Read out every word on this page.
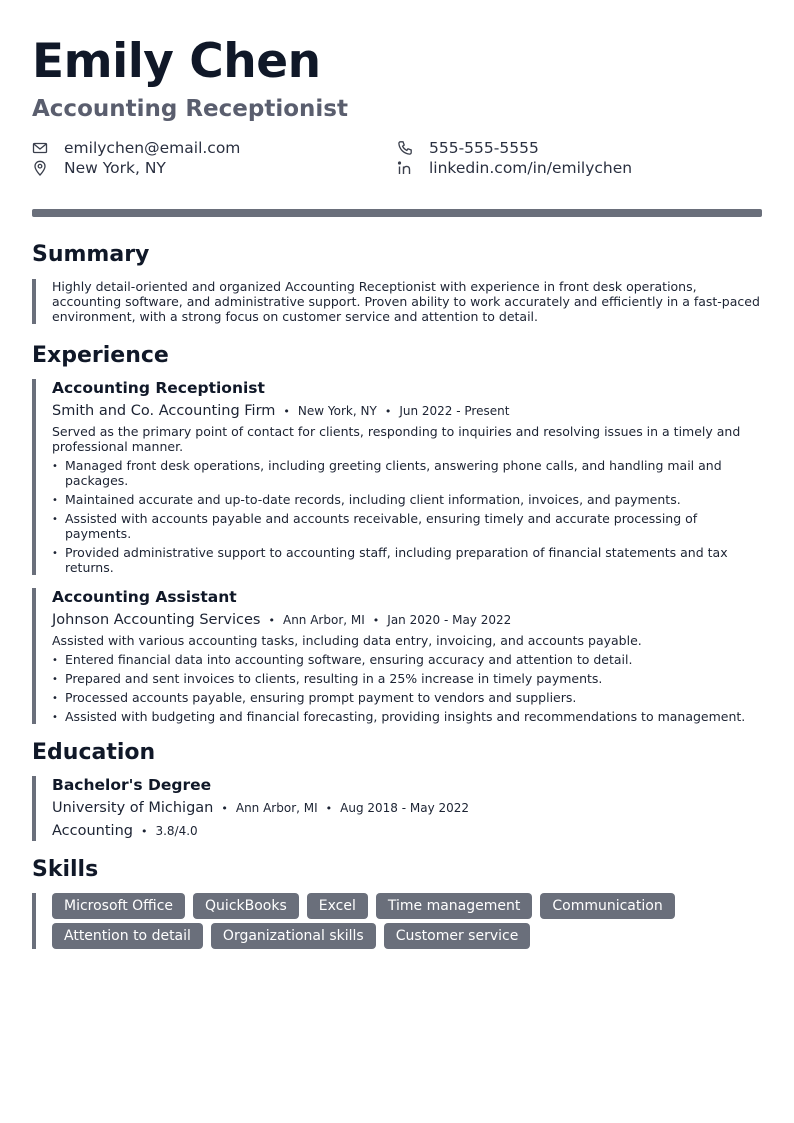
Emily Chen
Accounting Receptionist
emilychen@email.com	555-555-5555
New York, NY	linkedin.com/in/emilychen
Summary
Highly detail-oriented and organized Accounting Receptionist with experience in front desk operations, accounting software, and administrative support. Proven ability to work accurately and efficiently in a fast-paced environment, with a strong focus on customer service and attention to detail.
Experience
Accounting Receptionist
Smith and Co. Accounting Firm • New York, NY • Jun 2022 - Present
Served as the primary point of contact for clients, responding to inquiries and resolving issues in a timely and professional manner.
• Managed front desk operations, including greeting clients, answering phone calls, and handling mail and packages.
• Maintained accurate and up-to-date records, including client information, invoices, and payments.
• Assisted with accounts payable and accounts receivable, ensuring timely and accurate processing of payments.
• Provided administrative support to accounting staff, including preparation of financial statements and tax returns.
Accounting Assistant
Johnson Accounting Services • Ann Arbor, MI • Jan 2020 - May 2022
Assisted with various accounting tasks, including data entry, invoicing, and accounts payable.
• Entered financial data into accounting software, ensuring accuracy and attention to detail.
• Prepared and sent invoices to clients, resulting in a 25% increase in timely payments.
• Processed accounts payable, ensuring prompt payment to vendors and suppliers.
• Assisted with budgeting and financial forecasting, providing insights and recommendations to management.
Education
Bachelor's Degree
University of Michigan • Ann Arbor, MI • Aug 2018 - May 2022
Accounting • 3.8/4.0
Skills
Microsoft Office	QuickBooks	Excel	Time management	Communication
Attention to detail	Organizational skills	Customer service
